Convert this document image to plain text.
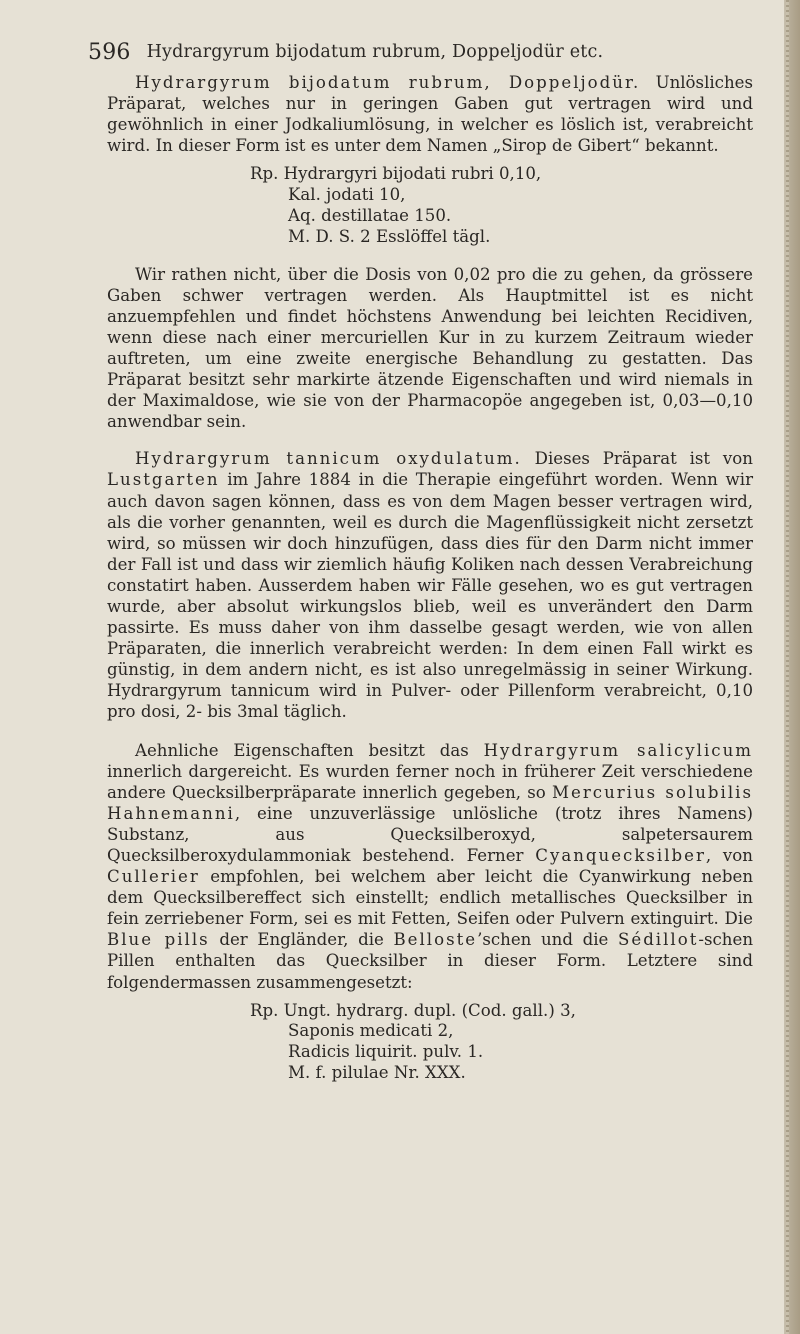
596 Hydrargyrum bijodatum rubrum, Doppeljodür etc.

Hydrargyrum bijodatum rubrum, Doppeljodür. Unlösliches Präparat, welches nur in geringen Gaben gut vertragen wird und gewöhnlich in einer Jodkaliumlösung, in welcher es löslich ist, verabreicht wird. In dieser Form ist es unter dem Namen „Sirop de Gibert“ bekannt.

Rp. Hydrargyri bijodati rubri 0,10,
Kal. jodati 10,
Aq. destillatae 150.
M. D. S. 2 Esslöffel tägl.

Wir rathen nicht, über die Dosis von 0,02 pro die zu gehen, da grössere Gaben schwer vertragen werden. Als Hauptmittel ist es nicht anzuempfehlen und findet höchstens Anwendung bei leichten Recidiven, wenn diese nach einer mercuriellen Kur in zu kurzem Zeitraum wieder auftreten, um eine zweite energische Behandlung zu gestatten. Das Präparat besitzt sehr markirte ätzende Eigenschaften und wird niemals in der Maximaldose, wie sie von der Pharmacopöe angegeben ist, 0,03—0,10 anwendbar sein.

Hydrargyrum tannicum oxydulatum. Dieses Präparat ist von Lustgarten im Jahre 1884 in die Therapie eingeführt worden. Wenn wir auch davon sagen können, dass es von dem Magen besser vertragen wird, als die vorher genannten, weil es durch die Magenflüssigkeit nicht zersetzt wird, so müssen wir doch hinzufügen, dass dies für den Darm nicht immer der Fall ist und dass wir ziemlich häufig Koliken nach dessen Verabreichung constatirt haben. Ausserdem haben wir Fälle gesehen, wo es gut vertragen wurde, aber absolut wirkungslos blieb, weil es unverändert den Darm passirte. Es muss daher von ihm dasselbe gesagt werden, wie von allen Präparaten, die innerlich verabreicht werden: In dem einen Fall wirkt es günstig, in dem andern nicht, es ist also unregelmässig in seiner Wirkung. Hydrargyrum tannicum wird in Pulver- oder Pillenform verabreicht, 0,10 pro dosi, 2- bis 3mal täglich.

Aehnliche Eigenschaften besitzt das Hydrargyrum salicylicum innerlich dargereicht. Es wurden ferner noch in früherer Zeit verschiedene andere Quecksilberpräparate innerlich gegeben, so Mercurius solubilis Hahnemanni, eine unzuverlässige unlösliche (trotz ihres Namens) Substanz, aus Quecksilberoxyd, salpetersaurem Quecksilberoxydulammoniak bestehend. Ferner Cyanquecksilber, von Cullerier empfohlen, bei welchem aber leicht die Cyanwirkung neben dem Quecksilbereffect sich einstellt; endlich metallisches Quecksilber in fein zerriebener Form, sei es mit Fetten, Seifen oder Pulvern extinguirt. Die Blue pills der Engländer, die Belloste’schen und die Sédillot-schen Pillen enthalten das Quecksilber in dieser Form. Letztere sind folgendermassen zusammengesetzt:

Rp. Ungt. hydrarg. dupl. (Cod. gall.) 3,
Saponis medicati 2,
Radicis liquirit. pulv. 1.
M. f. pilulae Nr. XXX.
